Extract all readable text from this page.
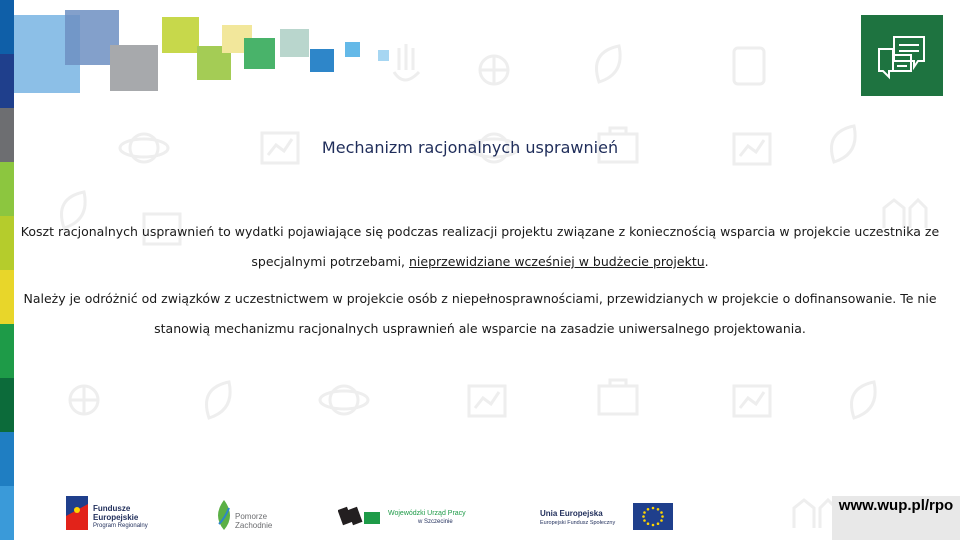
Mechanizm racjonalnych usprawnień
Koszt racjonalnych usprawnień to wydatki pojawiające się podczas realizacji projektu związane z koniecznością wsparcia w projekcie uczestnika ze specjalnymi potrzebami, nieprzewidziane wcześniej w budżecie projektu.
Należy je odróżnić od związków z uczestnictwem w projekcie osób z niepełnosprawnościami, przewidzianych w projekcie o dofinansowanie. Te nie stanowią mechanizmu racjonalnych usprawnień ale wsparcie na zasadzie uniwersalnego projektowania.
Fundusze
Europejskie
Program Regionalny
Pomorze
Zachodnie
Wojewódzki Urząd Pracy
w Szczecinie
Unia Europejska
Europejski Fundusz Społeczny
www.wup.pl/rpo
